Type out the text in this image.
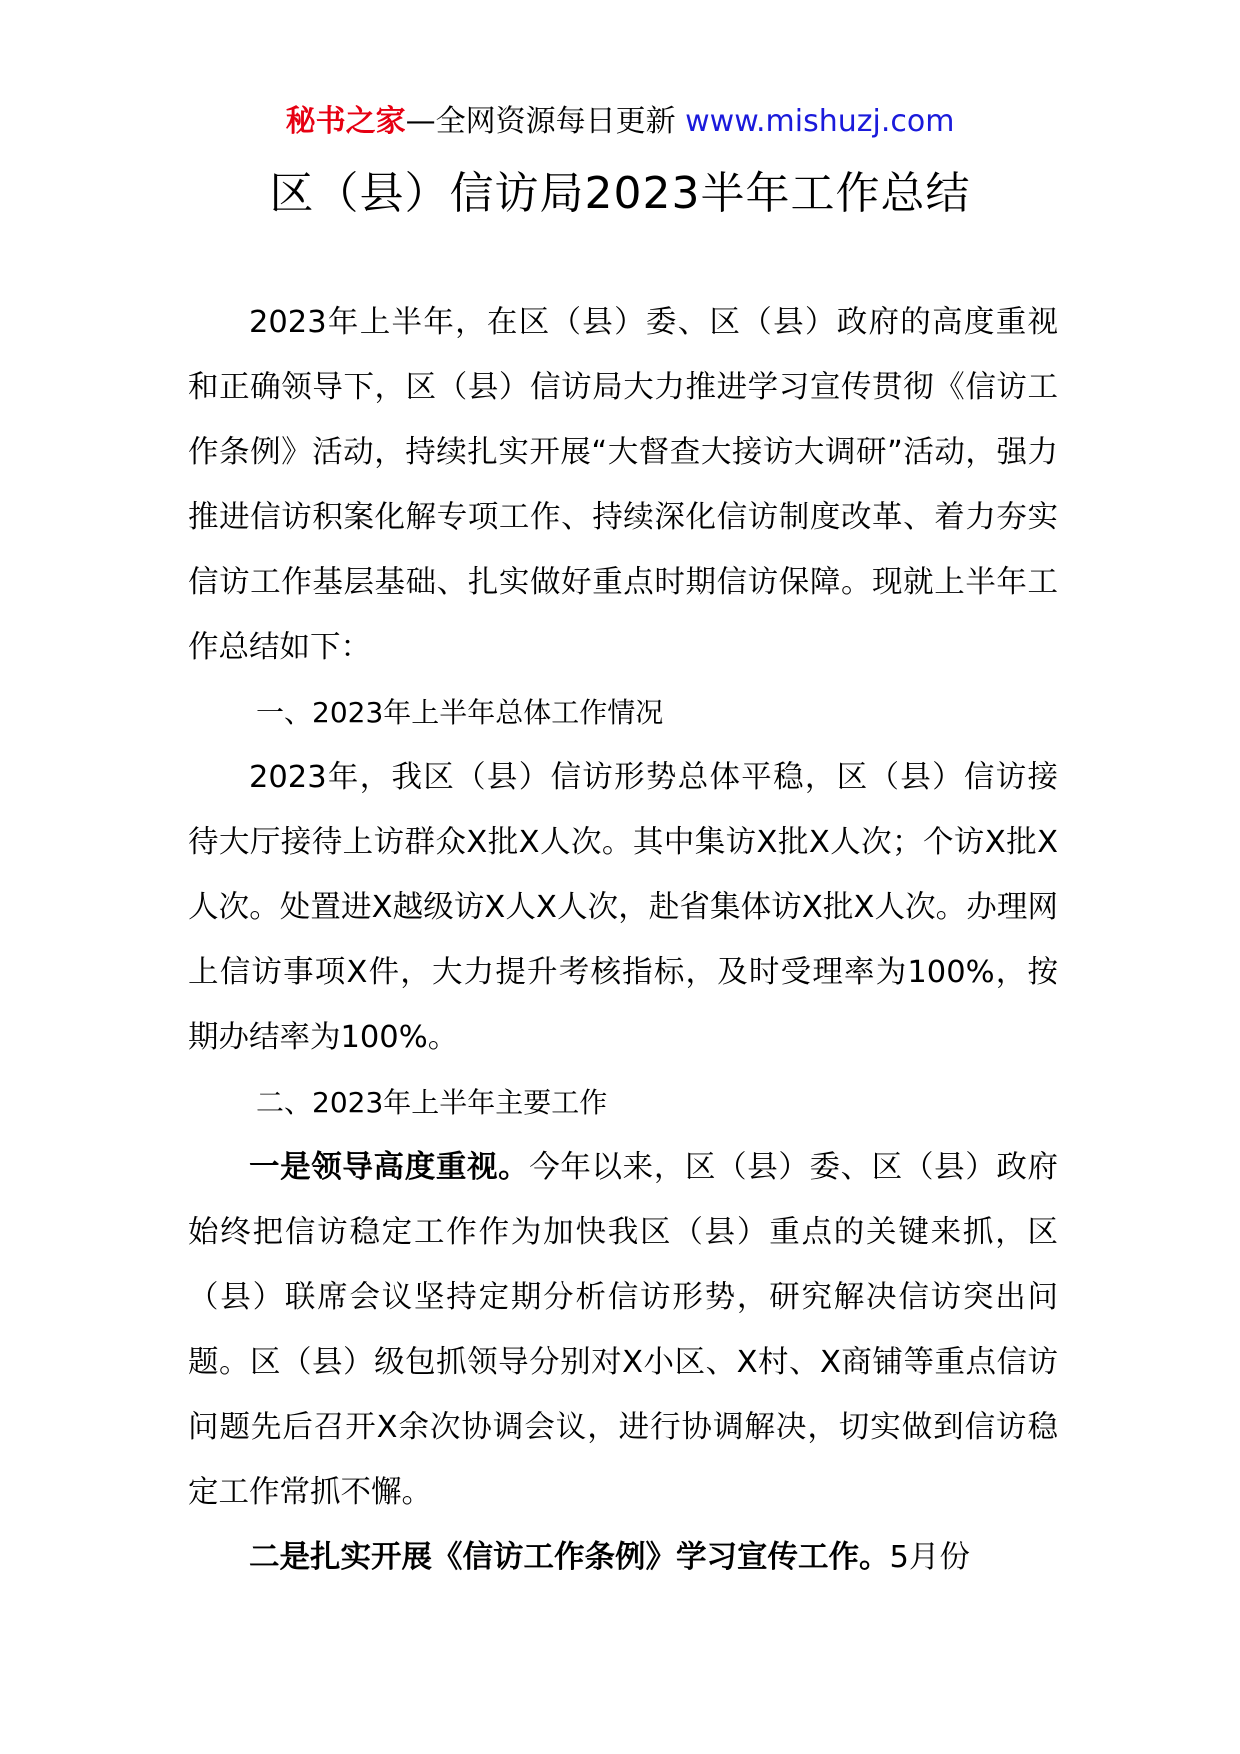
秘书之家—全网资源每日更新 www.mishuzj.com
区（县）信访局2023半年工作总结

2023年上半年，在区（县）委、区（县）政府的高度重视和正确领导下，区（县）信访局大力推进学习宣传贯彻《信访工作条例》活动，持续扎实开展“大督查大接访大调研”活动，强力推进信访积案化解专项工作、持续深化信访制度改革、着力夯实信访工作基层基础、扎实做好重点时期信访保障。现就上半年工作总结如下：

一、2023年上半年总体工作情况

2023年，我区（县）信访形势总体平稳，区（县）信访接待大厅接待上访群众X批X人次。其中集访X批X人次；个访X批X人次。处置进X越级访X人X人次，赴省集体访X批X人次。办理网上信访事项X件，大力提升考核指标，及时受理率为100%，按期办结率为100%。

二、2023年上半年主要工作

一是领导高度重视。今年以来，区（县）委、区（县）政府始终把信访稳定工作作为加快我区（县）重点的关键来抓，区（县）联席会议坚持定期分析信访形势，研究解决信访突出问题。区（县）级包抓领导分别对X小区、X村、X商铺等重点信访问题先后召开X余次协调会议，进行协调解决，切实做到信访稳定工作常抓不懈。

二是扎实开展《信访工作条例》学习宣传工作。5月份
